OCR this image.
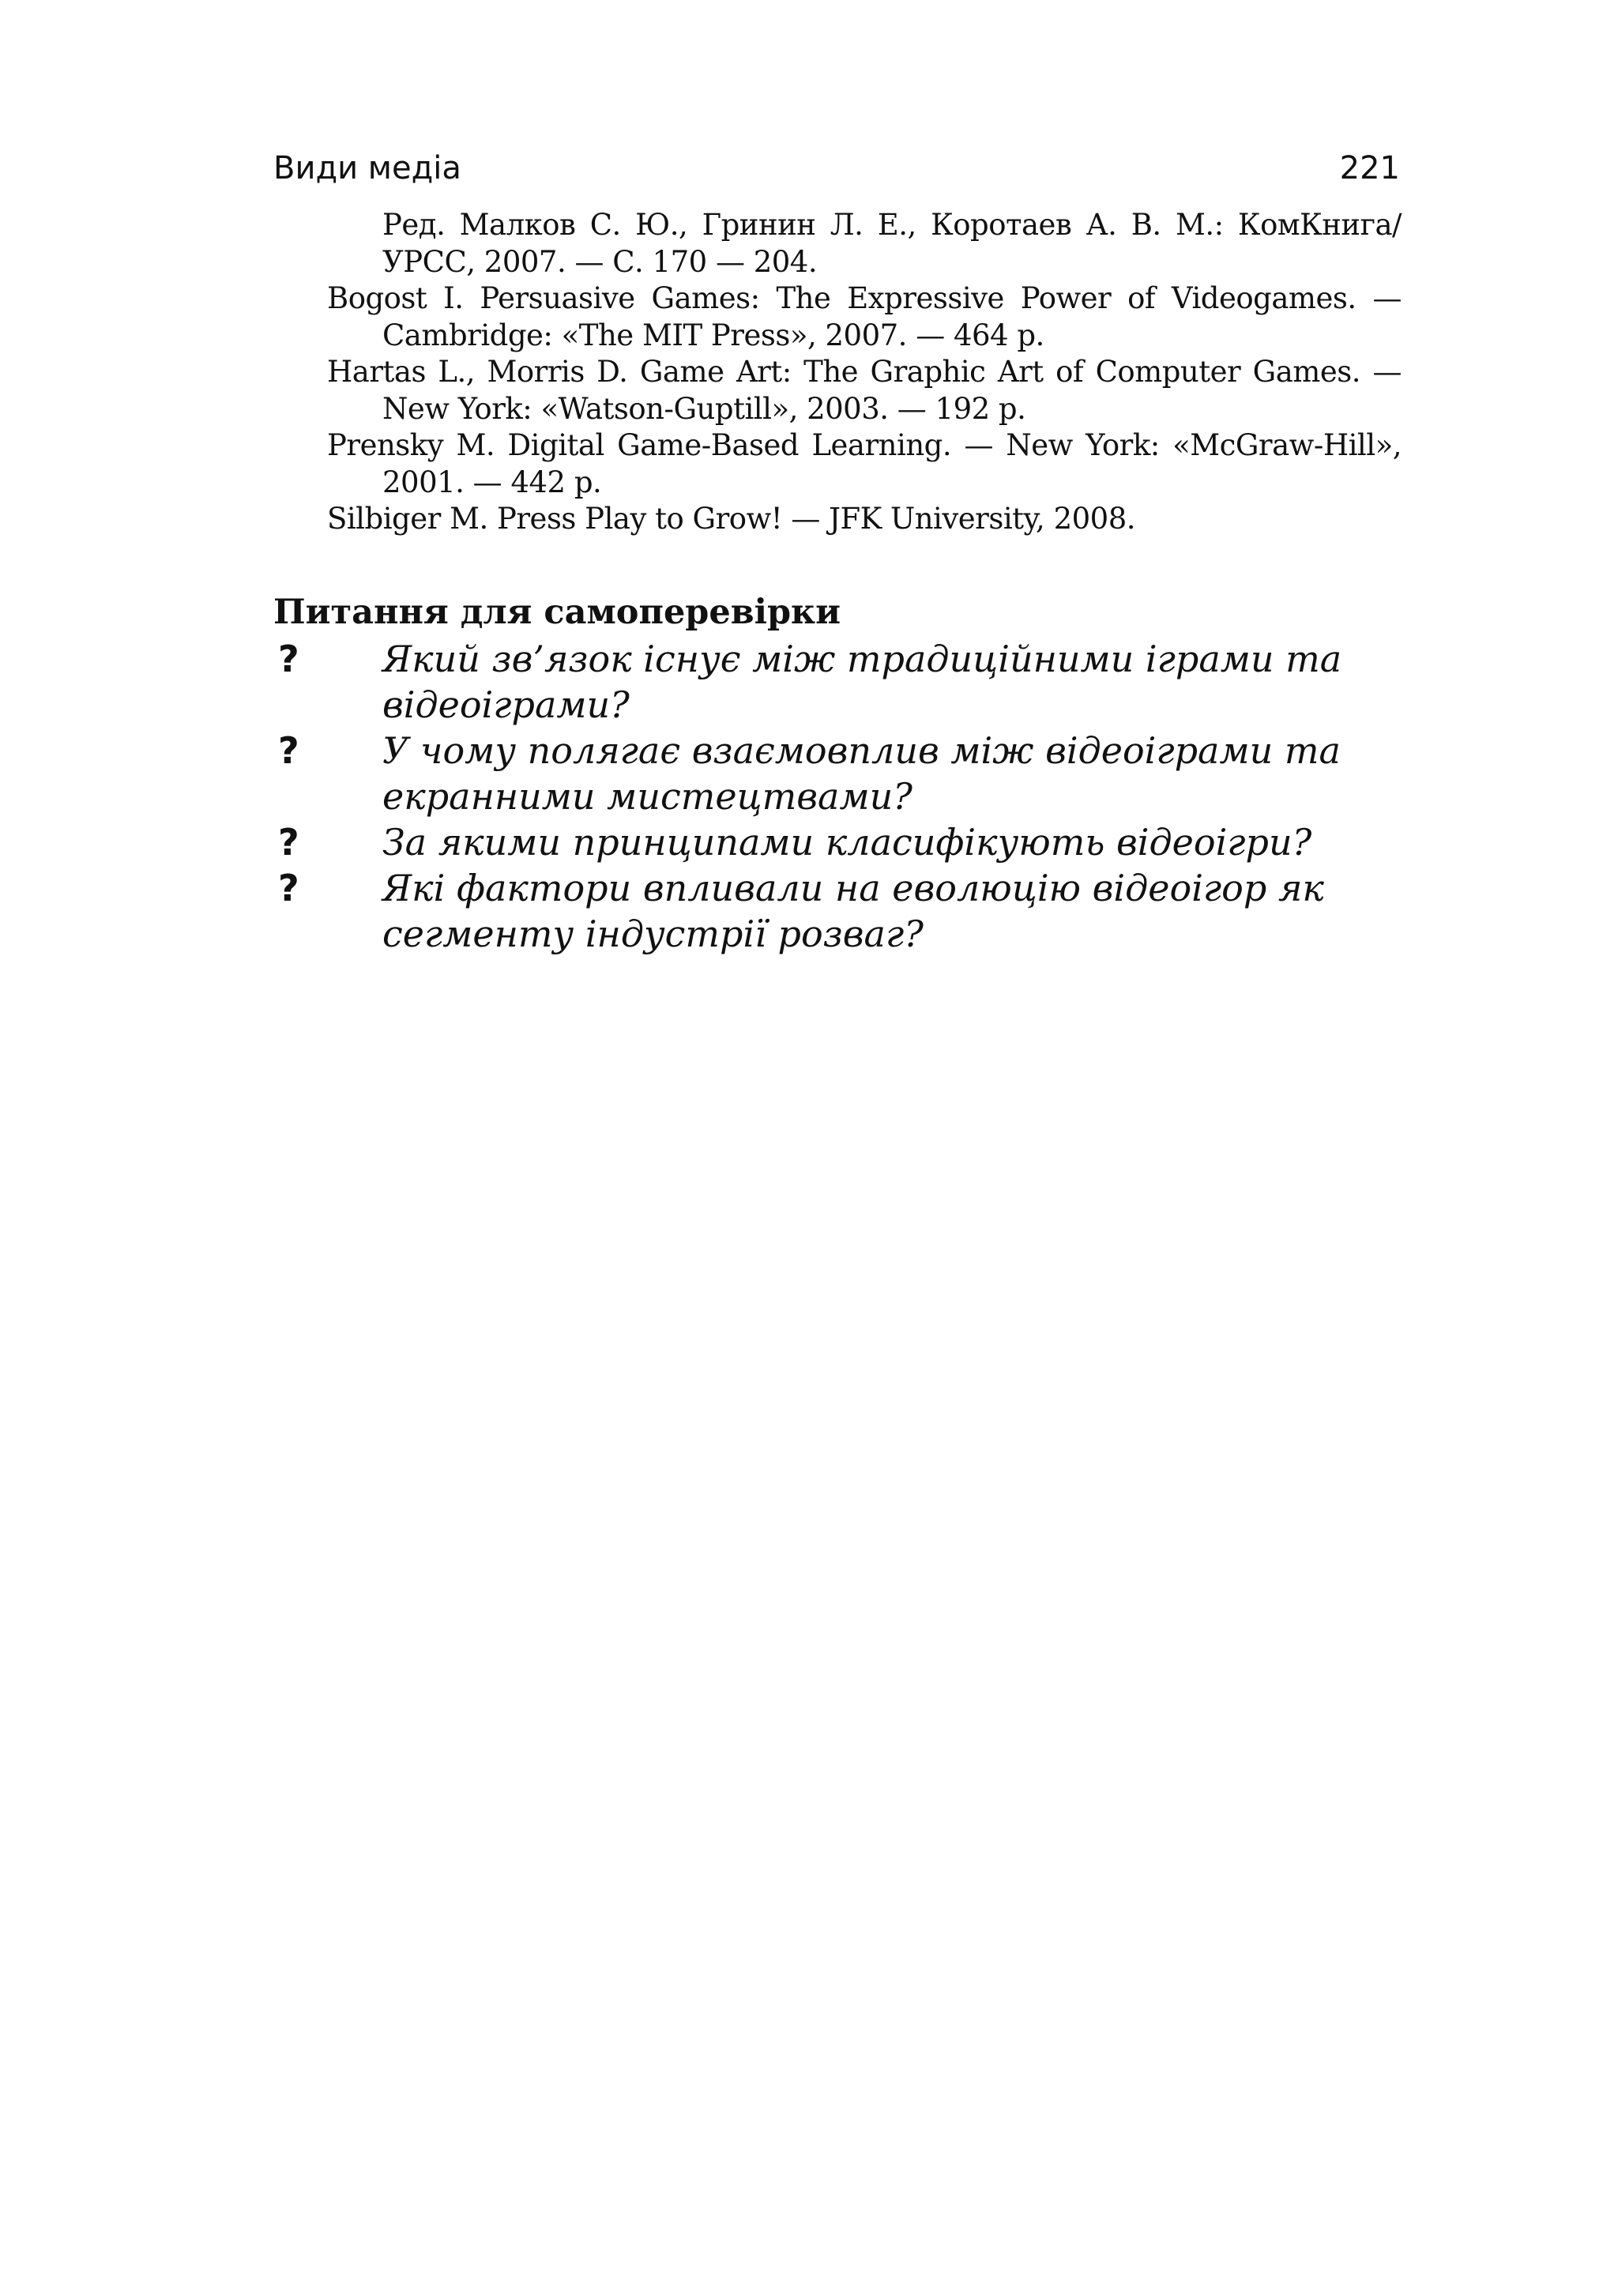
Види медіа	221
Ред. Малков С. Ю., Гринин Л. Е., Коротаев А. В. М.: КомКнига/ УРСС, 2007. — С. 170 — 204.
Bogost I. Persuasive Games: The Expressive Power of Videogames. — Cambridge: «The MIT Press», 2007. — 464 р.
Hartas L., Morris D. Game Art: The Graphic Art of Computer Games. — New York: «Watson-Guptill», 2003. — 192 р.
Prensky M. Digital Game-Based Learning. — New York: «McGraw-Hill», 2001. — 442 р.
Silbiger M. Press Play to Grow! — JFK University, 2008.
Питання для самоперевірки
? Який зв’язок існує між традиційними іграми та відеоіграми?
? У чому полягає взаємовплив між відеоіграми та екранними мистецтвами?
? За якими принципами класифікують відеоігри?
? Які фактори впливали на еволюцію відеоігор як сегменту індустрії розваг?
